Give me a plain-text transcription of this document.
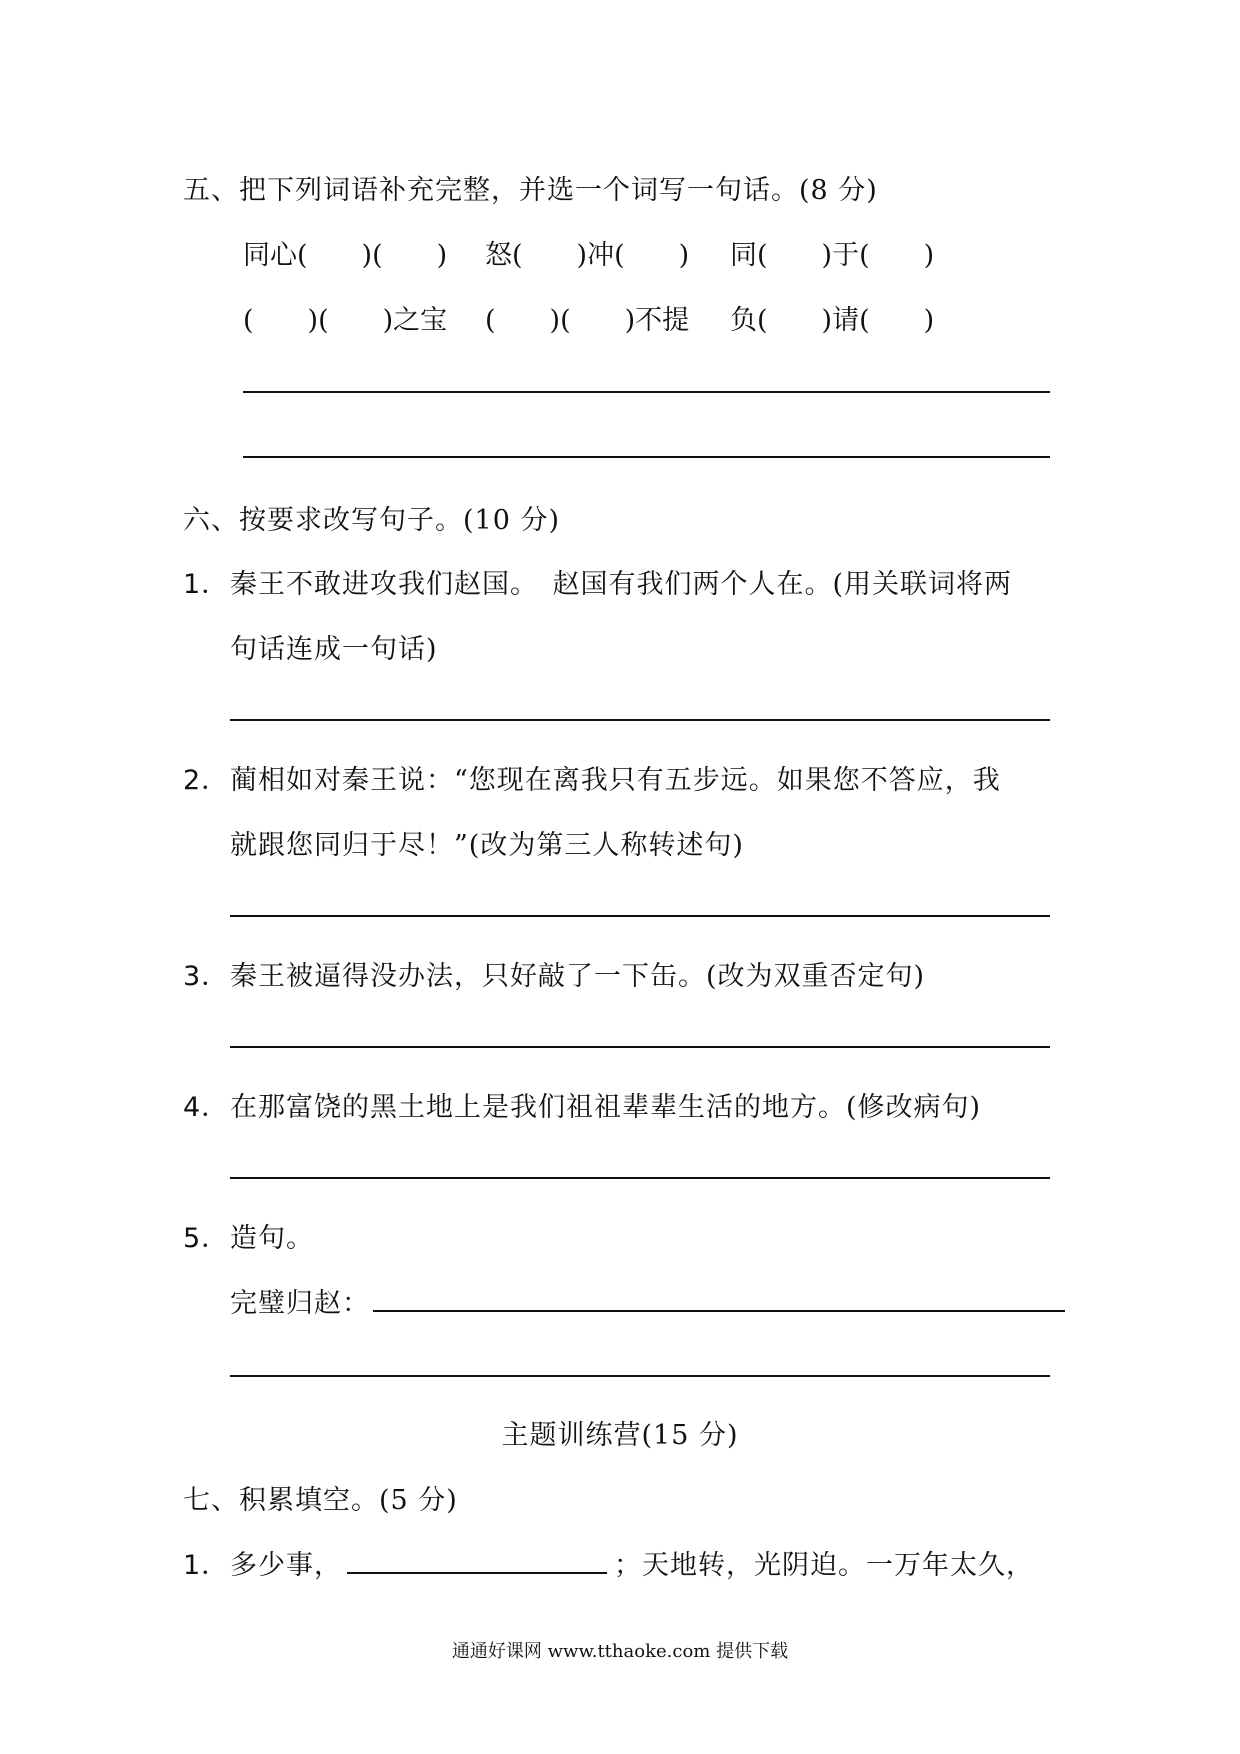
五、把下列词语补充完整，并选一个词写一句话。(8 分)
同心(　　)(　　) 怒(　　)冲(　　) 同(　　)于(　　)
(　　)(　　)之宝 (　　)(　　)不提 负(　　)请(　　)
六、按要求改写句子。(10 分)
1． 秦王不敢进攻我们赵国。　赵国有我们两个人在。(用关联词将两
句话连成一句话)
2． 蔺相如对秦王说：“您现在离我只有五步远。如果您不答应，我
就跟您同归于尽！”(改为第三人称转述句)
3． 秦王被逼得没办法，只好敲了一下缶。(改为双重否定句)
4． 在那富饶的黑土地上是我们祖祖辈辈生活的地方。(修改病句)
5． 造句。
完璧归赵：
主题训练营(15 分)
七、积累填空。(5 分)
1． 多少事，	；天地转，光阴迫。一万年太久，
通通好课网 www.tthaoke.com 提供下载
